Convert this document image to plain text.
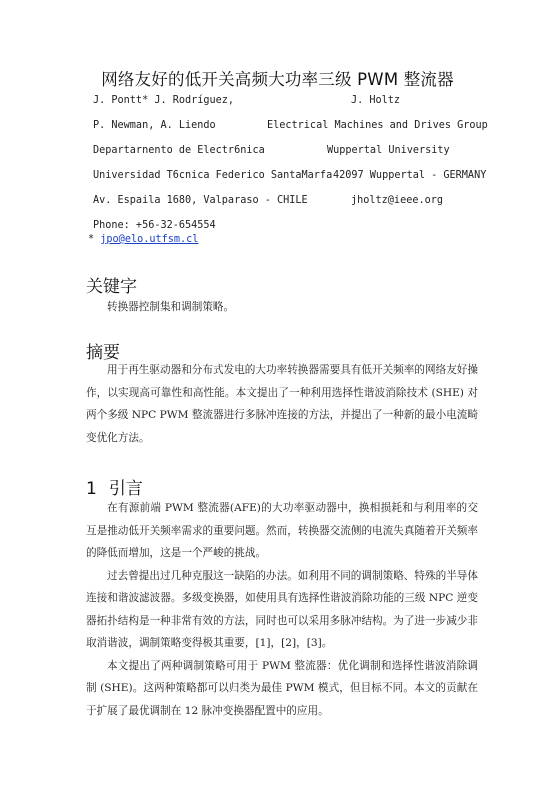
网络友好的低开关高频大功率三级 PWM 整流器
J. Pontt* J. Rodríguez,	J. Holtz
P. Newman, A. Liendo	Electrical Machines and Drives Group
Departarnento de Electr6nica	Wuppertal University
Universidad T6cnica Federico SantaMarfa 42097 Wuppertal - GERMANY
Av. Espaila 1680, Valparaso - CHILE	jholtz@ieee.org
Phone: +56-32-654554
* jpo@elo.utfsm.cl
关键字

转换器控制集和调制策略。

摘要

用于再生驱动器和分布式发电的大功率转换器需要具有低开关频率的网络友好操作，以实现高可靠性和高性能。本文提出了一种利用选择性谐波消除技术 (SHE) 对两个多级 NPC PWM 整流器进行多脉冲连接的方法，并提出了一种新的最小电流畸变优化方法。

1 引言

在有源前端 PWM 整流器(AFE)的大功率驱动器中，换相损耗和与利用率的交互是推动低开关频率需求的重要问题。然而，转换器交流侧的电流失真随着开关频率的降低而增加，这是一个严峻的挑战。

过去曾提出过几种克服这一缺陷的办法。如利用不同的调制策略、特殊的半导体连接和谐波滤波器。多级变换器，如使用具有选择性谐波消除功能的三级 NPC 逆变器拓扑结构是一种非常有效的方法，同时也可以采用多脉冲结构。为了进一步减少非取消谐波，调制策略变得极其重要，[1]，[2]，[3]。

本文提出了两种调制策略可用于 PWM 整流器：优化调制和选择性谐波消除调制 (SHE)。这两种策略都可以归类为最佳 PWM 模式，但目标不同。本文的贡献在于扩展了最优调制在 12 脉冲变换器配置中的应用。
